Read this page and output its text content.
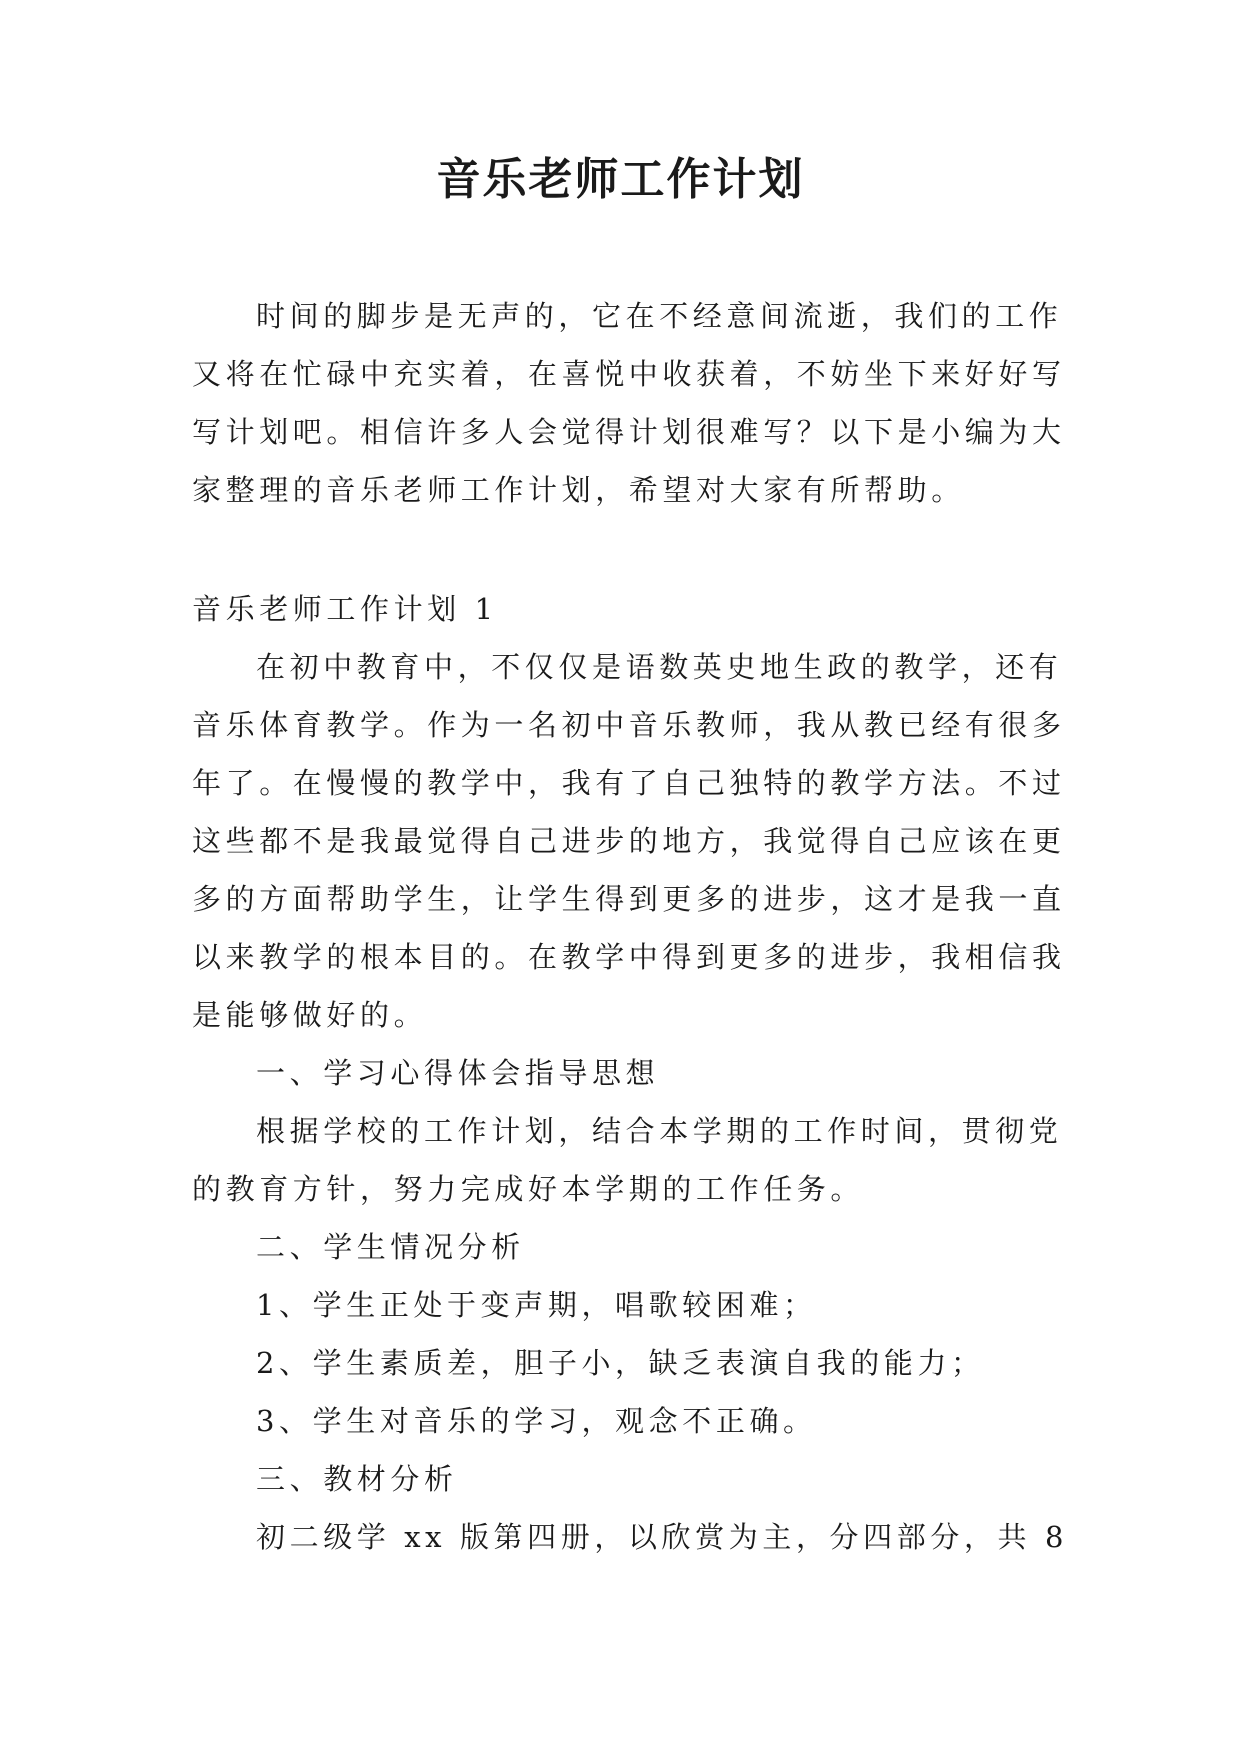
音乐老师工作计划
时间的脚步是无声的，它在不经意间流逝，我们的工作
又将在忙碌中充实着，在喜悦中收获着，不妨坐下来好好写
写计划吧。相信许多人会觉得计划很难写？以下是小编为大
家整理的音乐老师工作计划，希望对大家有所帮助。
音乐老师工作计划 1
在初中教育中，不仅仅是语数英史地生政的教学，还有
音乐体育教学。作为一名初中音乐教师，我从教已经有很多
年了。在慢慢的教学中，我有了自己独特的教学方法。不过
这些都不是我最觉得自己进步的地方，我觉得自己应该在更
多的方面帮助学生，让学生得到更多的进步，这才是我一直
以来教学的根本目的。在教学中得到更多的进步，我相信我
是能够做好的。
一、学习心得体会指导思想
根据学校的工作计划，结合本学期的工作时间，贯彻党
的教育方针，努力完成好本学期的工作任务。
二、学生情况分析
1、学生正处于变声期，唱歌较困难；
2、学生素质差，胆子小，缺乏表演自我的能力；
3、学生对音乐的学习，观念不正确。
三、教材分析
初二级学 xx 版第四册，以欣赏为主，分四部分，共 8
